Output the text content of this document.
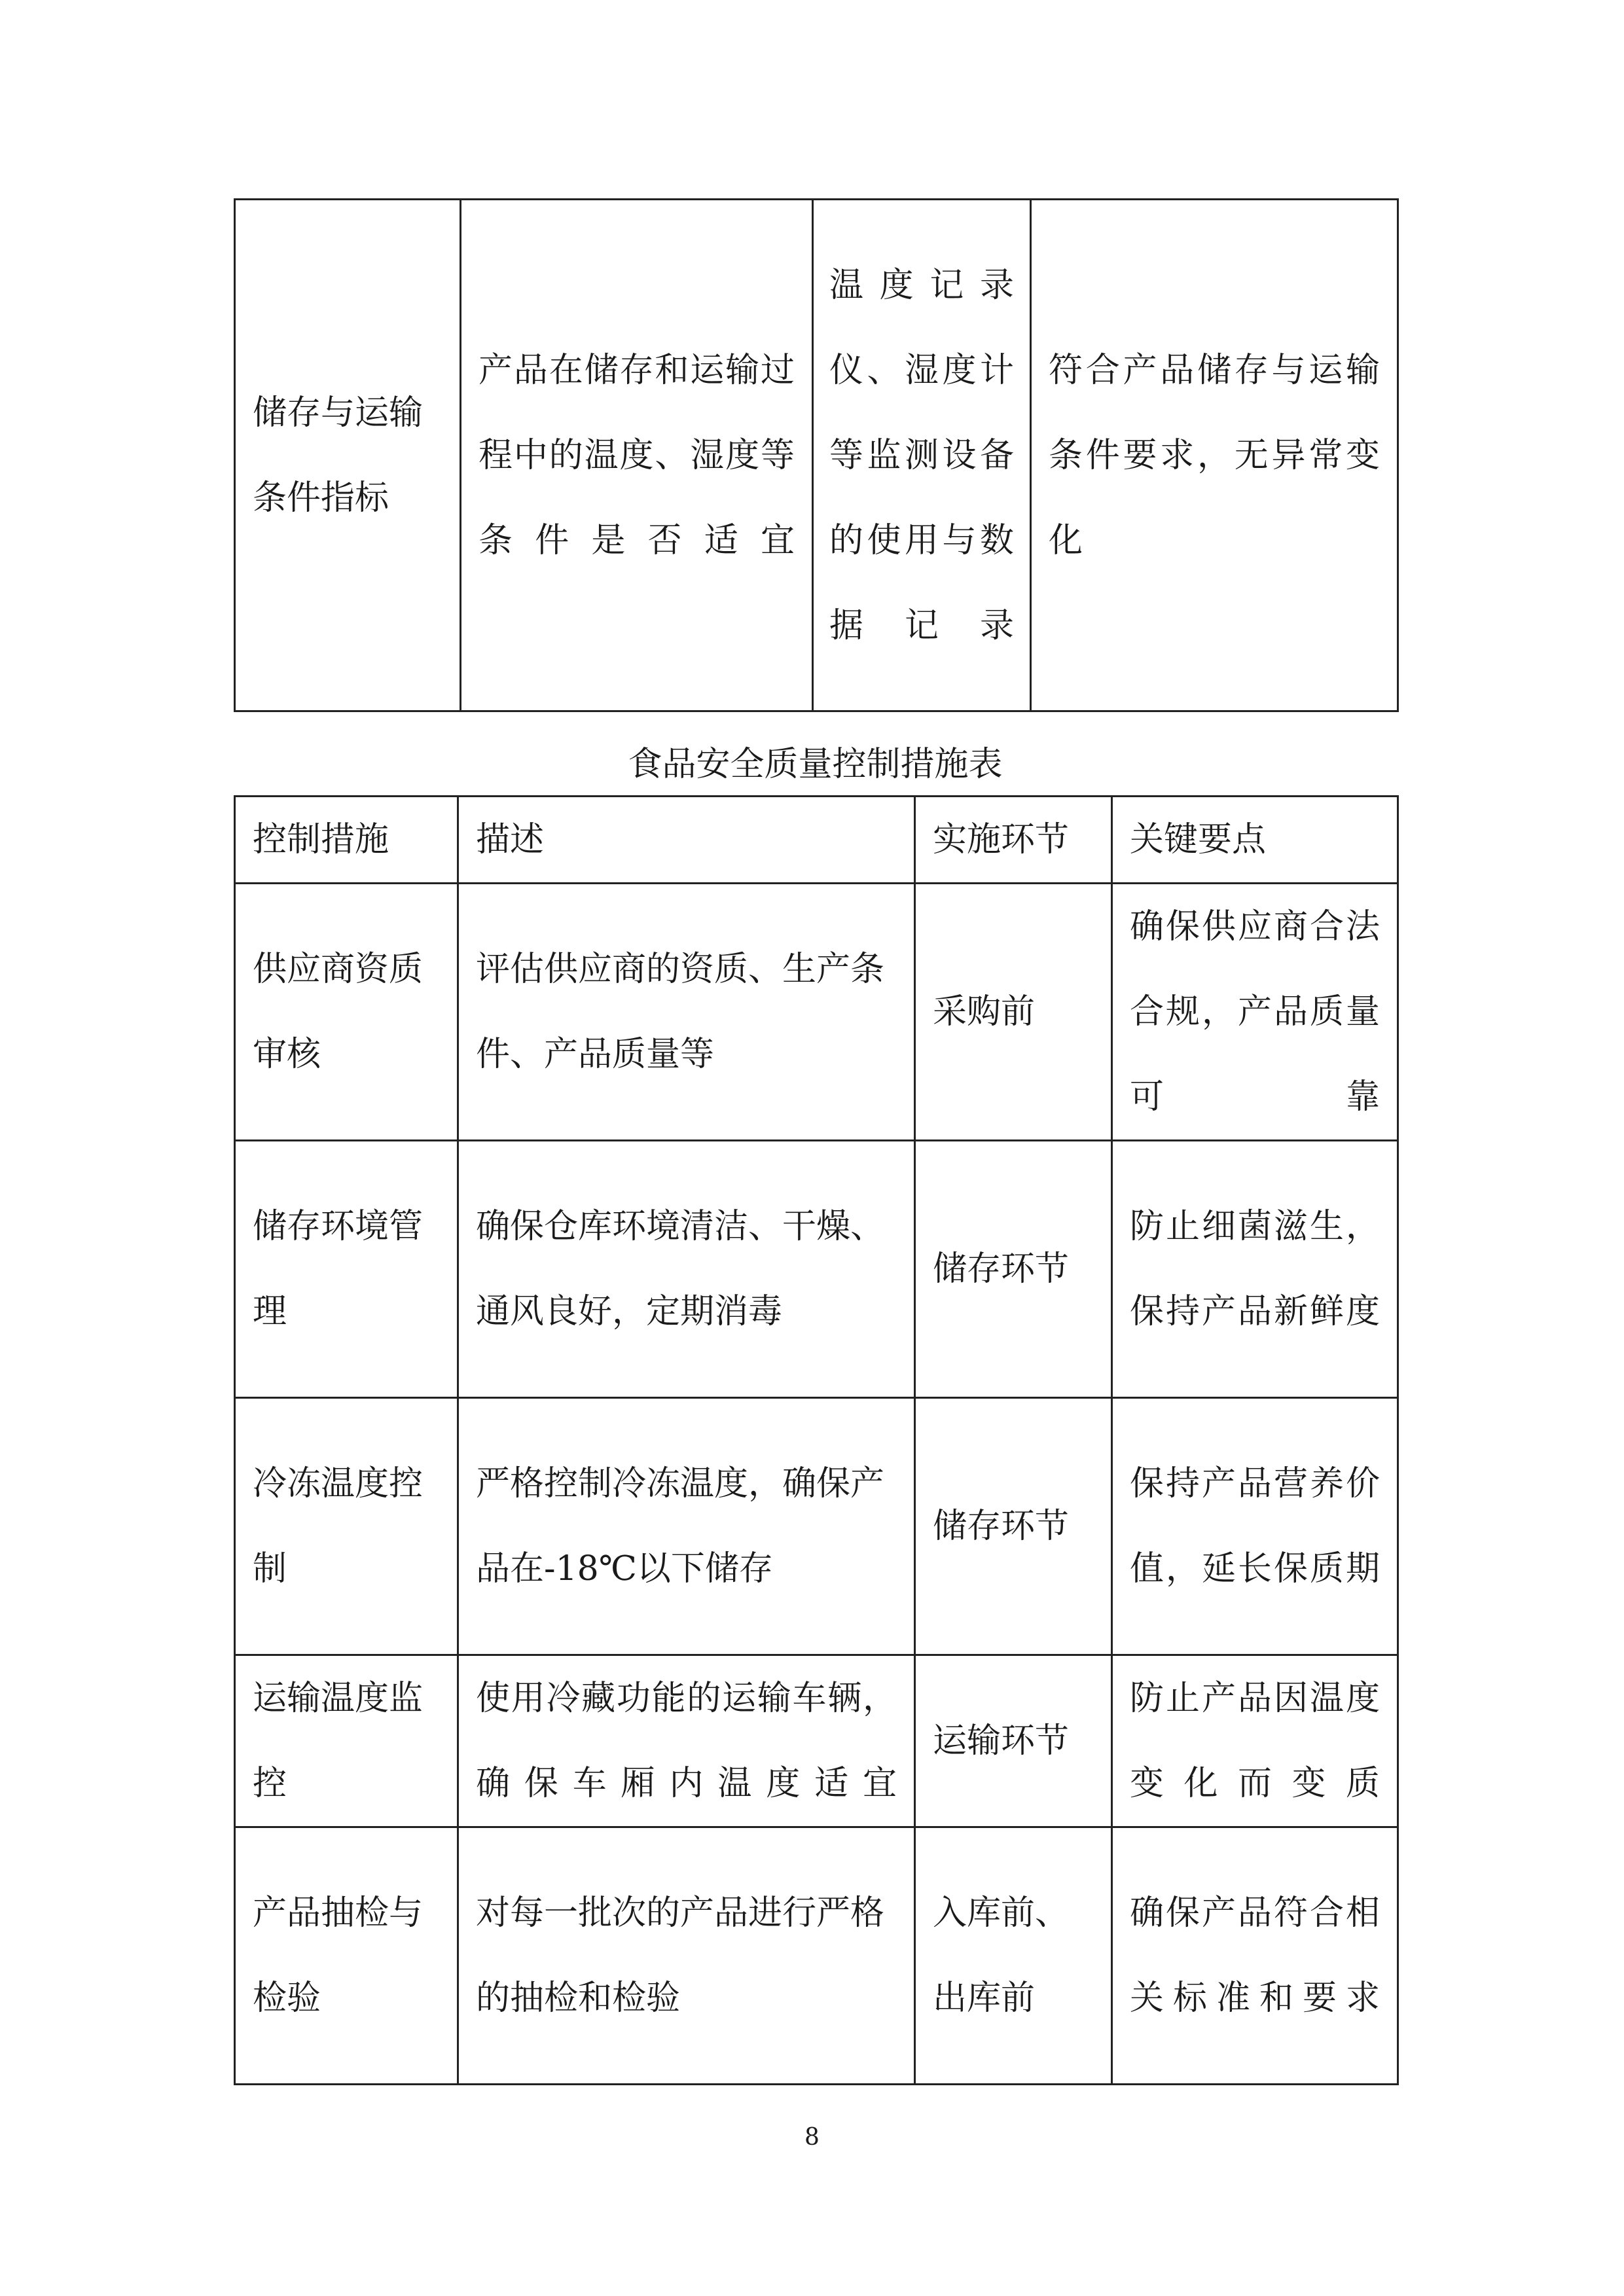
储存与运输条件指标	产品在储存和运输过程中的温度、湿度等条件是否适宜	温度记录仪、湿度计等监测设备的使用与数据记录	符合产品储存与运输条件要求，无异常变化
食品安全质量控制措施表
控制措施	描述	实施环节	关键要点
供应商资质审核	评估供应商的资质、生产条件、产品质量等	采购前	确保供应商合法合规，产品质量可靠
储存环境管理	确保仓库环境清洁、干燥、通风良好，定期消毒	储存环节	防止细菌滋生，保持产品新鲜度
冷冻温度控制	严格控制冷冻温度，确保产品在-18℃以下储存	储存环节	保持产品营养价值，延长保质期
运输温度监控	使用冷藏功能的运输车辆，确保车厢内温度适宜	运输环节	防止产品因温度变化而变质
产品抽检与检验	对每一批次的产品进行严格的抽检和检验	入库前、出库前	确保产品符合相关标准和要求
8
